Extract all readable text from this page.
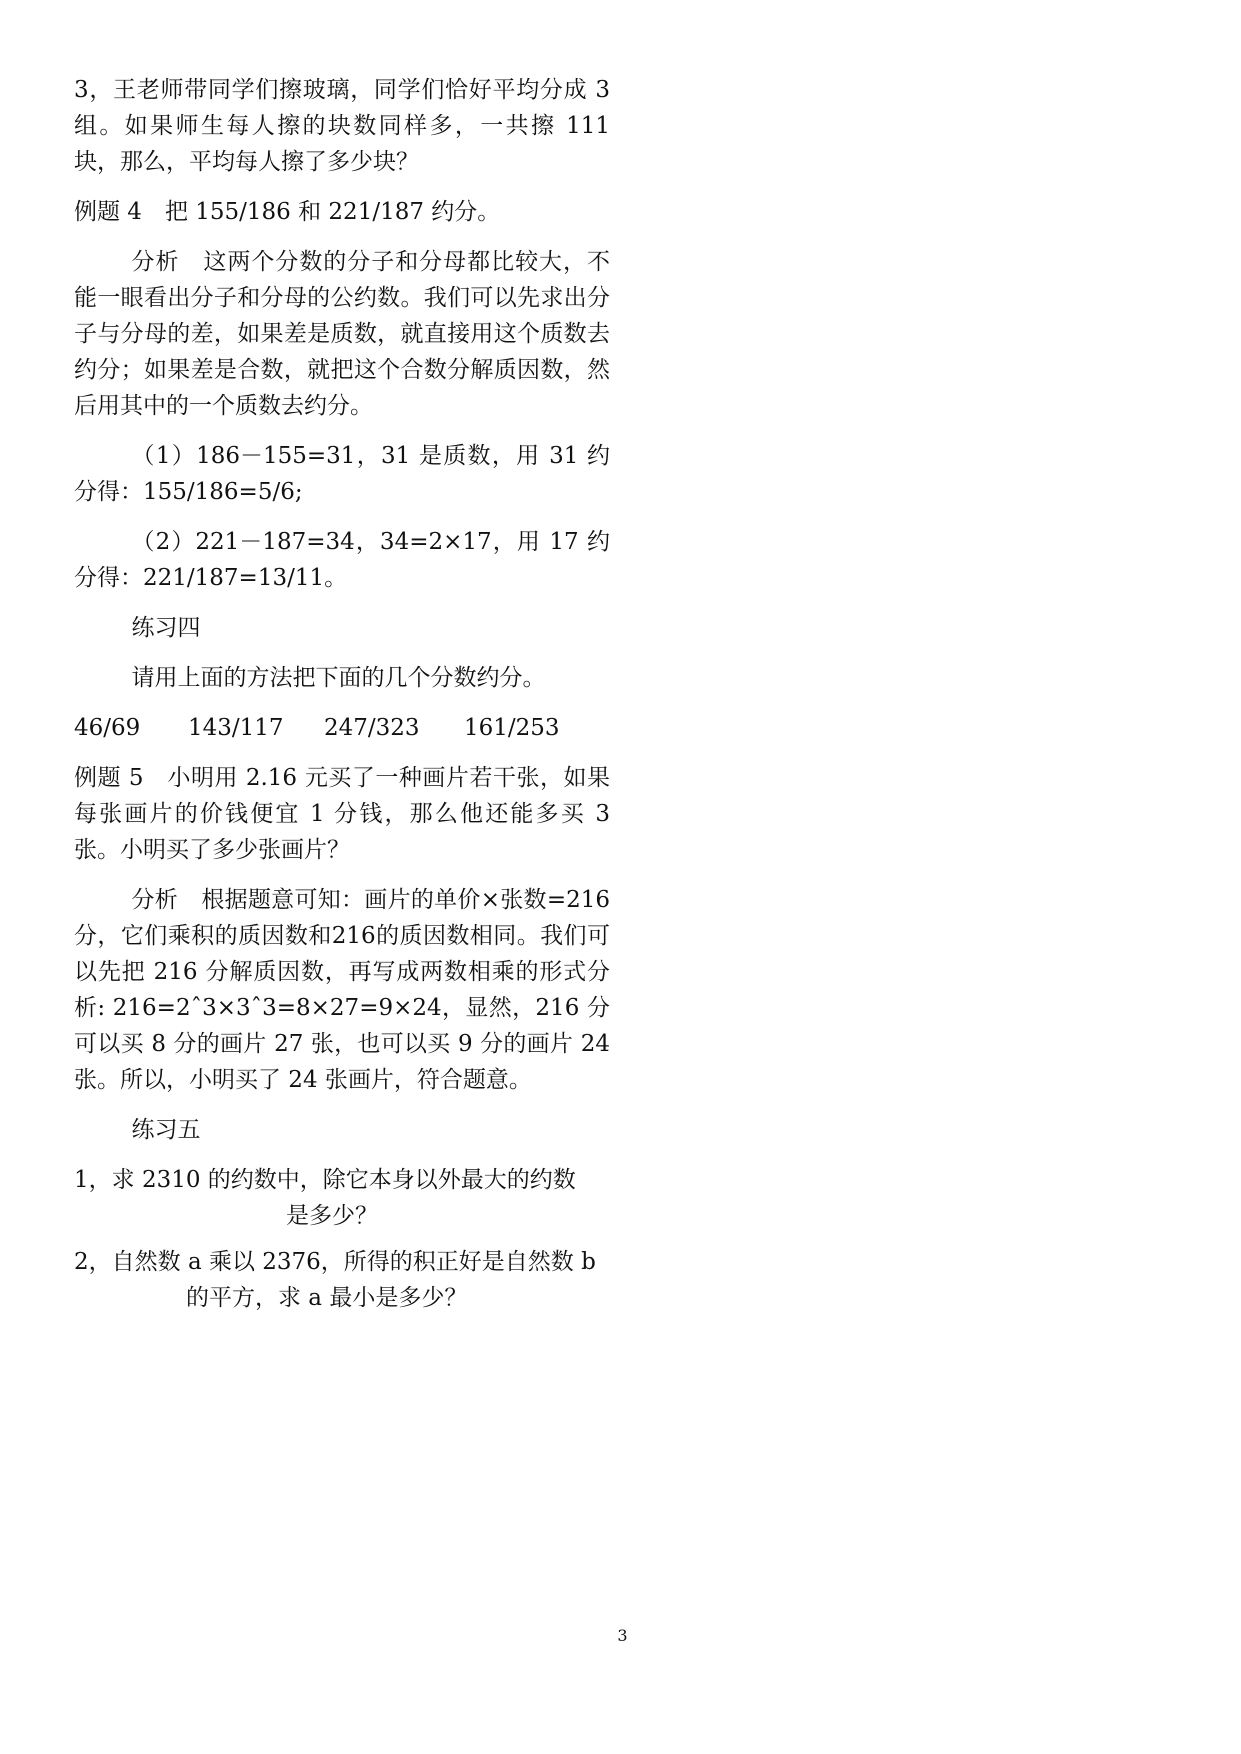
3，王老师带同学们擦玻璃，同学们恰好平均分成 3 组。如果师生每人擦的块数同样多，一共擦 111 块，那么，平均每人擦了多少块？

例题 4　把 155/186 和 221/187 约分。

分析　这两个分数的分子和分母都比较大，不能一眼看出分子和分母的公约数。我们可以先求出分子与分母的差，如果差是质数，就直接用这个质数去约分；如果差是合数，就把这个合数分解质因数，然后用其中的一个质数去约分。

（1）186－155=31，31 是质数，用 31 约分得：155/186=5/6;

（2）221－187=34，34=2×17，用 17 约分得：221/187=13/11。

练习四

请用上面的方法把下面的几个分数约分。

46/69 143/117 247/323 161/253

例题 5　小明用 2.16 元买了一种画片若干张，如果每张画片的价钱便宜 1 分钱，那么他还能多买 3 张。小明买了多少张画片？

分析　根据题意可知：画片的单价×张数=216分，它们乘积的质因数和216的质因数相同。我们可以先把 216 分解质因数，再写成两数相乘的形式分析: 216=2ˆ3×3ˆ3=8×27=9×24，显然，216 分可以买 8 分的画片 27 张，也可以买 9 分的画片 24 张。所以，小明买了 24 张画片，符合题意。

练习五

1，求 2310 的约数中，除它本身以外最大的约数
是多少？

2，自然数 a 乘以 2376，所得的积正好是自然数 b
的平方，求 a 最小是多少？

3
